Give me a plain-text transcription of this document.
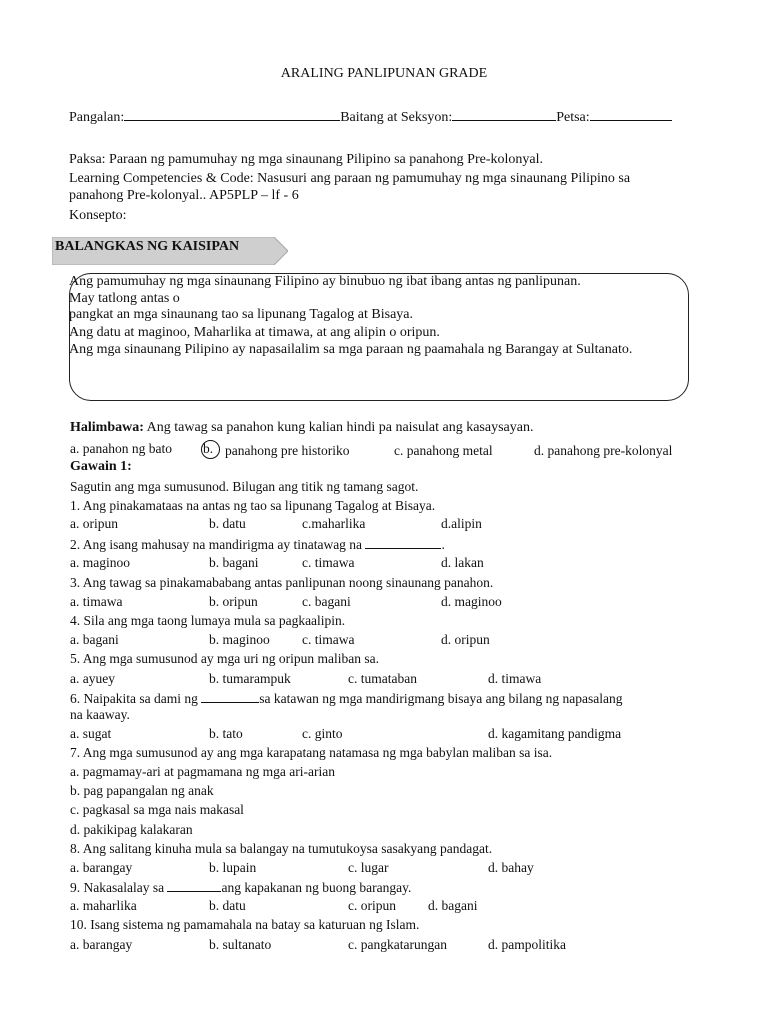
ARALING PANLIPUNAN GRADE
Pangalan:	Baitang at Seksyon:	Petsa:
Paksa: Paraan ng pamumuhay ng mga sinaunang Pilipino sa panahong Pre-kolonyal.
Learning Competencies & Code: Nasusuri ang paraan ng pamumuhay ng mga sinaunang Pilipino sa
panahong Pre-kolonyal.. AP5PLP – lf - 6
Konsepto:
BALANGKAS NG KAISIPAN
Ang pamumuhay ng mga sinaunang Filipino ay binubuo ng ibat ibang antas ng panlipunan.
May tatlong antas o
pangkat an mga sinaunang tao sa lipunang Tagalog at Bisaya.
Ang datu at maginoo, Maharlika at timawa, at ang alipin o oripun.
Ang mga sinaunang Pilipino ay napasailalim sa mga paraan ng paamahala ng Barangay at Sultanato.
Halimbawa: Ang tawag sa panahon kung kalian hindi pa naisulat ang kasaysayan.
a. panahon ng bato b. panahong pre historiko	c. panahong metal	d. panahong pre-kolonyal
Gawain 1:
Sagutin ang mga sumusunod. Bilugan ang titik ng tamang sagot.
1. Ang pinakamataas na antas ng tao sa lipunang Tagalog at Bisaya.
a. oripun	b. datu	c.maharlika	d.alipin
2. Ang isang mahusay na mandirigma ay tinatawag na	.
a. maginoo	b. bagani	c. timawa	d. lakan
3. Ang tawag sa pinakamababang antas panlipunan noong sinaunang panahon.
a. timawa	b. oripun	c. bagani	d. maginoo
4. Sila ang mga taong lumaya mula sa pagkaalipin.
a. bagani	b. maginoo c. timawa	d. oripun
5. Ang mga sumusunod ay mga uri ng oripun maliban sa.
a. ayuey	b. tumarampuk	c. tumataban	d. timawa
6. Naipakita sa dami ng	sa katawan ng mga mandirigmang bisaya ang bilang ng napasalang
na kaaway.
a. sugat	b. tato	c. ginto	d. kagamitang pandigma
7. Ang mga sumusunod ay ang mga karapatang natamasa ng mga babylan maliban sa isa.
a. pagmamay-ari at pagmamana ng mga ari-arian
b. pag papangalan ng anak
c. pagkasal sa mga nais makasal
d. pakikipag kalakaran
8. Ang salitang kinuha mula sa balangay na tumutukoysa sasakyang pandagat.
a. barangay	b. lupain	c. lugar	d. bahay
9. Nakasalalay sa	ang kapakanan ng buong barangay.
a. maharlika	b. datu	c. oripun d. bagani
10. Isang sistema ng pamamahala na batay sa katuruan ng Islam.
a. barangay	b. sultanato	c. pangkatarungan	d. pampolitika
